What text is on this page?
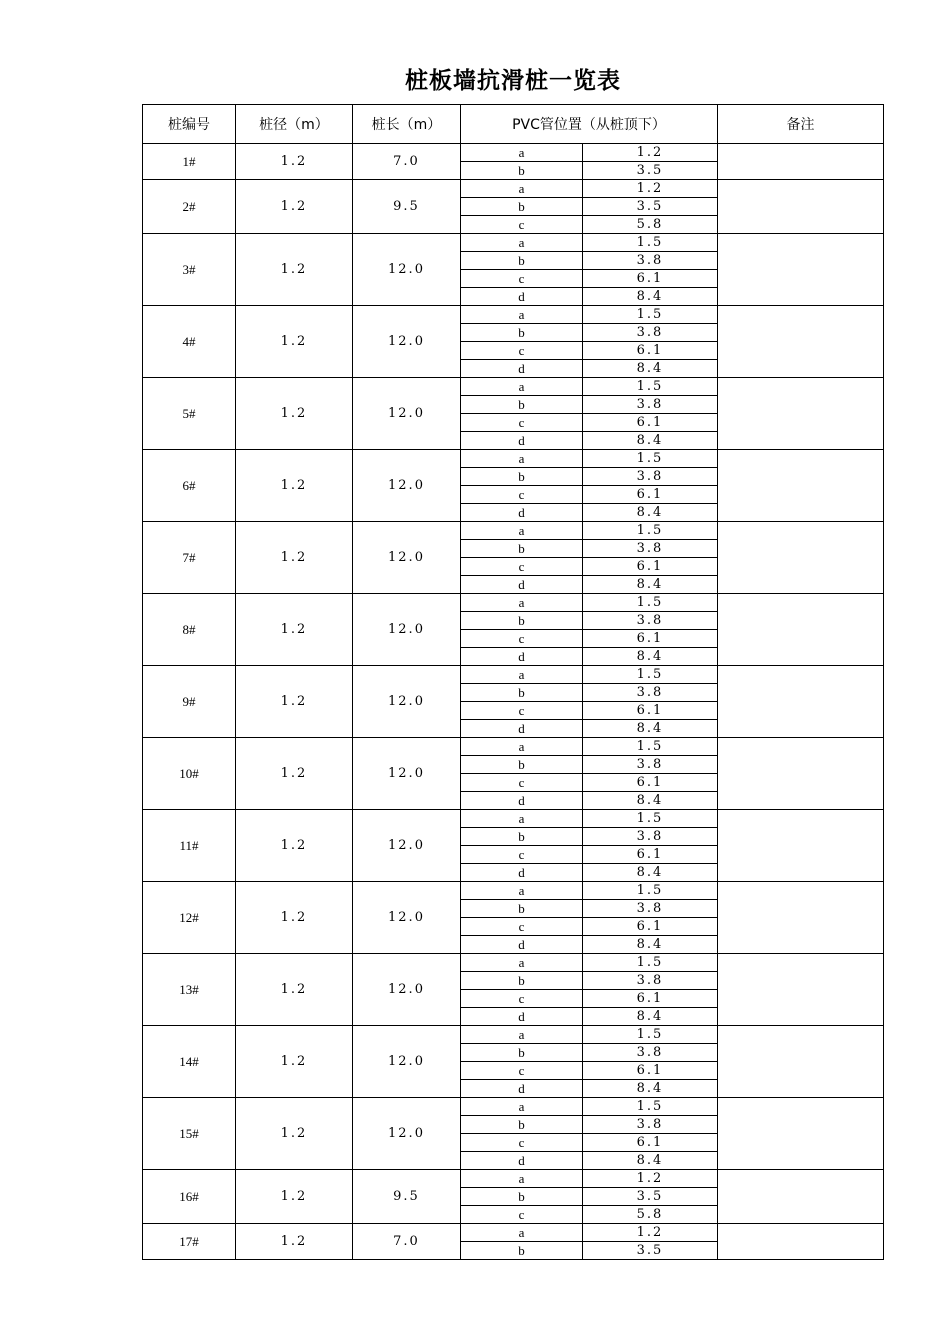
桩板墙抗滑桩一览表
桩编号	桩径（m）	桩长（m）	PVC管位置（从桩顶下）		备注
1#	1.2	7.0	a	1.2	
			b	3.5	
2#	1.2	9.5	a	1.2	
			b	3.5	
			c	5.8	
3#	1.2	12.0	a	1.5	
			b	3.8	
			c	6.1	
			d	8.4	
4#	1.2	12.0	a	1.5	
			b	3.8	
			c	6.1	
			d	8.4	
5#	1.2	12.0	a	1.5	
			b	3.8	
			c	6.1	
			d	8.4	
6#	1.2	12.0	a	1.5	
			b	3.8	
			c	6.1	
			d	8.4	
7#	1.2	12.0	a	1.5	
			b	3.8	
			c	6.1	
			d	8.4	
8#	1.2	12.0	a	1.5	
			b	3.8	
			c	6.1	
			d	8.4	
9#	1.2	12.0	a	1.5	
			b	3.8	
			c	6.1	
			d	8.4	
10#	1.2	12.0	a	1.5	
			b	3.8	
			c	6.1	
			d	8.4	
11#	1.2	12.0	a	1.5	
			b	3.8	
			c	6.1	
			d	8.4	
12#	1.2	12.0	a	1.5	
			b	3.8	
			c	6.1	
			d	8.4	
13#	1.2	12.0	a	1.5	
			b	3.8	
			c	6.1	
			d	8.4	
14#	1.2	12.0	a	1.5	
			b	3.8	
			c	6.1	
			d	8.4	
15#	1.2	12.0	a	1.5	
			b	3.8	
			c	6.1	
			d	8.4	
16#	1.2	9.5	a	1.2	
			b	3.5	
			c	5.8	
17#	1.2	7.0	a	1.2	
			b	3.5	
